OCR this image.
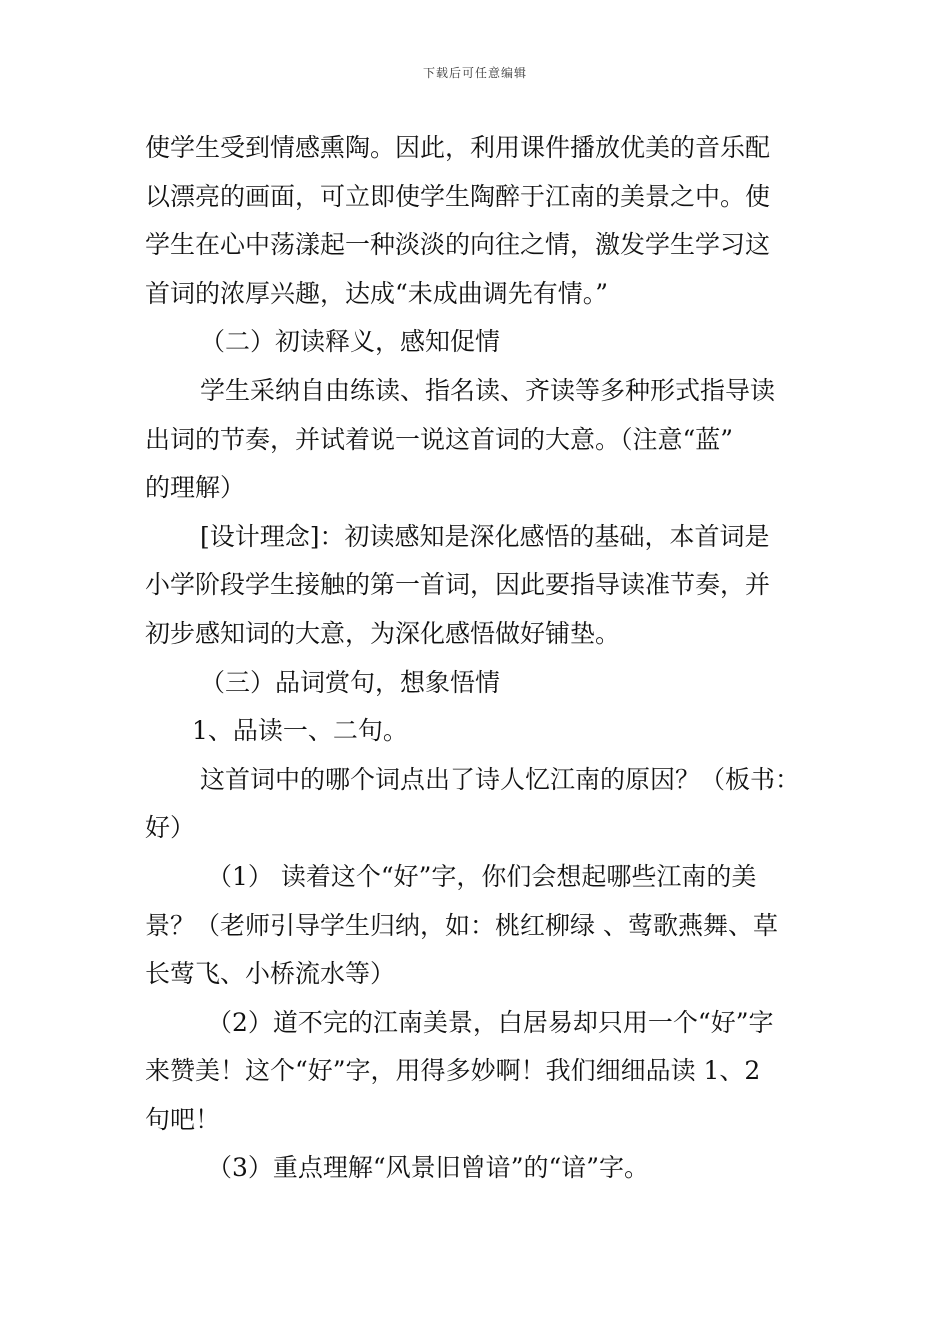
下载后可任意编辑
使学生受到情感熏陶。因此，利用课件播放优美的音乐配
以漂亮的画面，可立即使学生陶醉于江南的美景之中。使
学生在心中荡漾起一种淡淡的向往之情，激发学生学习这
首词的浓厚兴趣，达成“未成曲调先有情。”
（二）初读释义，感知促情
学生采纳自由练读、指名读、齐读等多种形式指导读
出词的节奏，并试着说一说这首词的大意。（注意“蓝”
的理解）
[设计理念]：初读感知是深化感悟的基础，本首词是
小学阶段学生接触的第一首词，因此要指导读准节奏，并
初步感知词的大意，为深化感悟做好铺垫。
（三）品词赏句，想象悟情
1、品读一、二句。
这首词中的哪个词点出了诗人忆江南的原因？（板书：
好）
（1） 读着这个“好”字，你们会想起哪些江南的美
景？（老师引导学生归纳，如：桃红柳绿 、莺歌燕舞、草
长莺飞、小桥流水等）
（2）道不完的江南美景，白居易却只用一个“好”字
来赞美！这个“好”字，用得多妙啊！我们细细品读 1、2
句吧！
（3）重点理解“风景旧曾谙”的“谙”字。
